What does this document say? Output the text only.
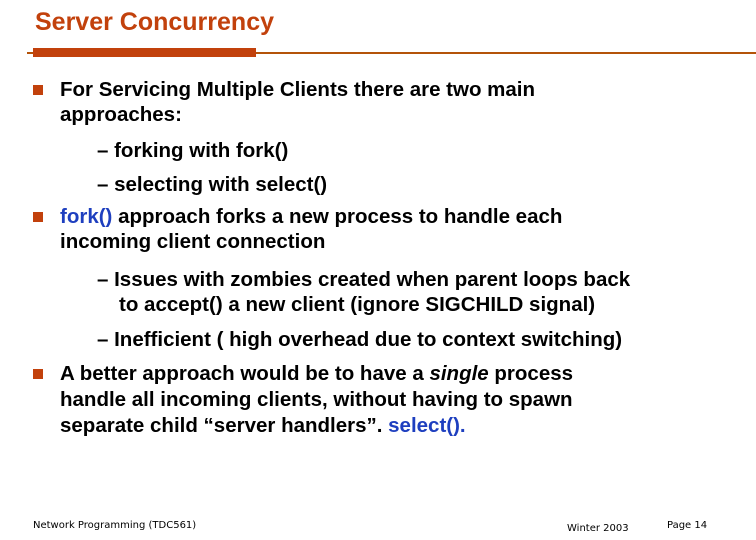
Server Concurrency
For Servicing Multiple Clients there are two main
approaches:
– forking with fork()
– selecting with select()
fork() approach forks a new process to handle each
incoming client connection
– Issues with zombies created when parent loops back
to accept() a new client (ignore SIGCHILD signal)
– Inefficient ( high overhead due to context switching)
A better approach would be to have a single process
handle all incoming clients, without having to spawn
separate child “server handlers”. select().
Network Programming (TDC561)	Winter 2003	Page 14
